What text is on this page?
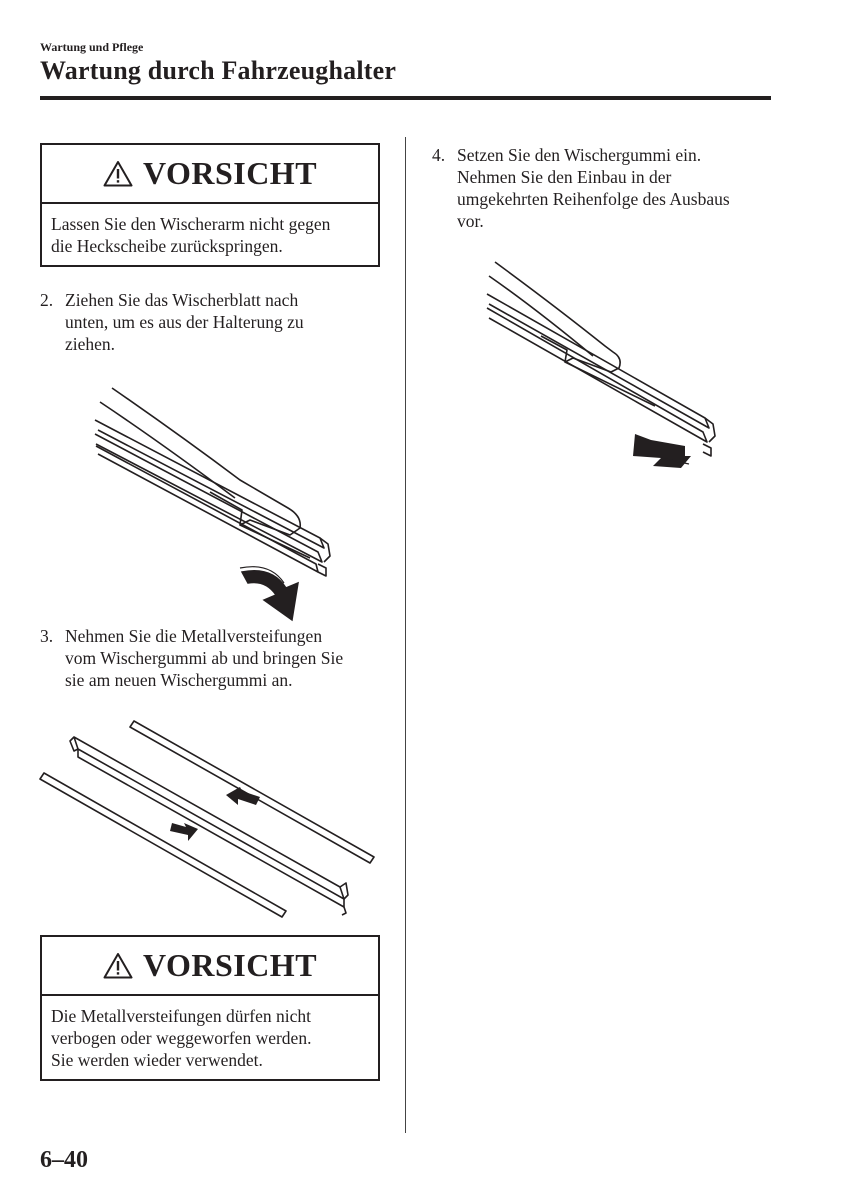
Wartung und Pflege
Wartung durch Fahrzeughalter
VORSICHT
Lassen Sie den Wischerarm nicht gegen
die Heckscheibe zurückspringen.
2. Ziehen Sie das Wischerblatt nach
unten, um es aus der Halterung zu
ziehen.
3. Nehmen Sie die Metallversteifungen
vom Wischergummi ab und bringen Sie
sie am neuen Wischergummi an.
VORSICHT
Die Metallversteifungen dürfen nicht
verbogen oder weggeworfen werden.
Sie werden wieder verwendet.
4. Setzen Sie den Wischergummi ein.
Nehmen Sie den Einbau in der
umgekehrten Reihenfolge des Ausbaus
vor.
6–40
